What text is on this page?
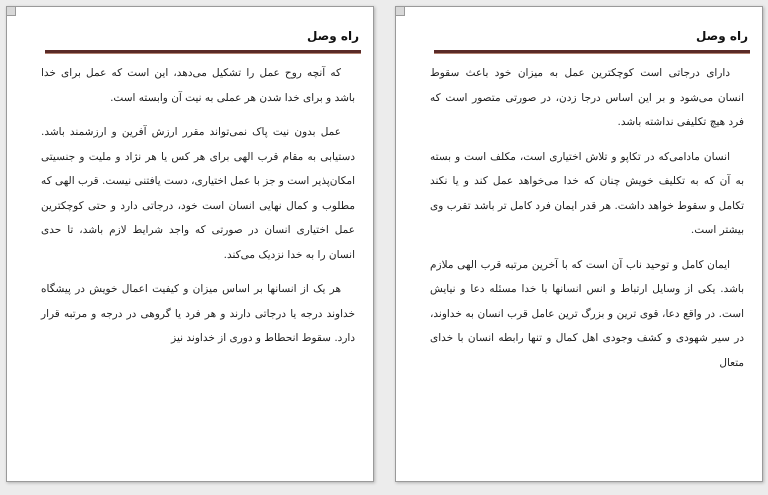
راه وصل

که آنچه روح عمل را تشکیل می‌دهد، این است که عمل برای خدا باشد و برای خدا شدن هر عملی به نیت آن وابسته است.

عمل بدون نیت پاک نمی‌تواند مقرر ارزش آفرین و ارزشمند باشد. دستیابی به مقام قرب الهی برای هر کس یا هر نژاد و ملیت و جنسیتی امکان‌پذیر است و جز با عمل اختیاری، دست یافتنی نیست. قرب الهی که مطلوب و کمال نهایی انسان است خود، درجاتی دارد و حتی کوچکترین عمل اختیاری انسان در صورتی که واجد شرایط لازم باشد، تا حدی انسان را به خدا نزدیک می‌کند.

هر یک از انسانها بر اساس میزان و کیفیت اعمال خویش در پیشگاه خداوند درجه یا درجاتی دارند و هر فرد یا گروهی در درجه و مرتبه قرار دارد. سقوط انحطاط و دوری از خداوند نیز

راه وصل

دارای درجاتی است کوچکترین عمل به میزان خود باعث سقوط انسان می‌شود و بر این اساس درجا زدن، در صورتی متصور است که فرد هیچ تکلیفی نداشته باشد.

انسان مادامی‌که در تکاپو و تلاش اختیاری است، مکلف است و بسته به آن که به تکلیف خویش چنان که خدا می‌خواهد عمل کند و یا نکند تکامل و سقوط خواهد داشت. هر قدر ایمان فرد کامل تر باشد تقرب وی بیشتر است.

ایمان کامل و توحید ناب آن است که با آخرین مرتبه قرب الهی ملازم باشد. یکی از وسایل ارتباط و انس انسانها با خدا مسئله دعا و نیایش است. در واقع دعا، قوی ترین و بزرگ ترین عامل قرب انسان به خداوند، در سیر شهودی و کشف وجودی اهل کمال و تنها رابطه انسان با خدای متعال
